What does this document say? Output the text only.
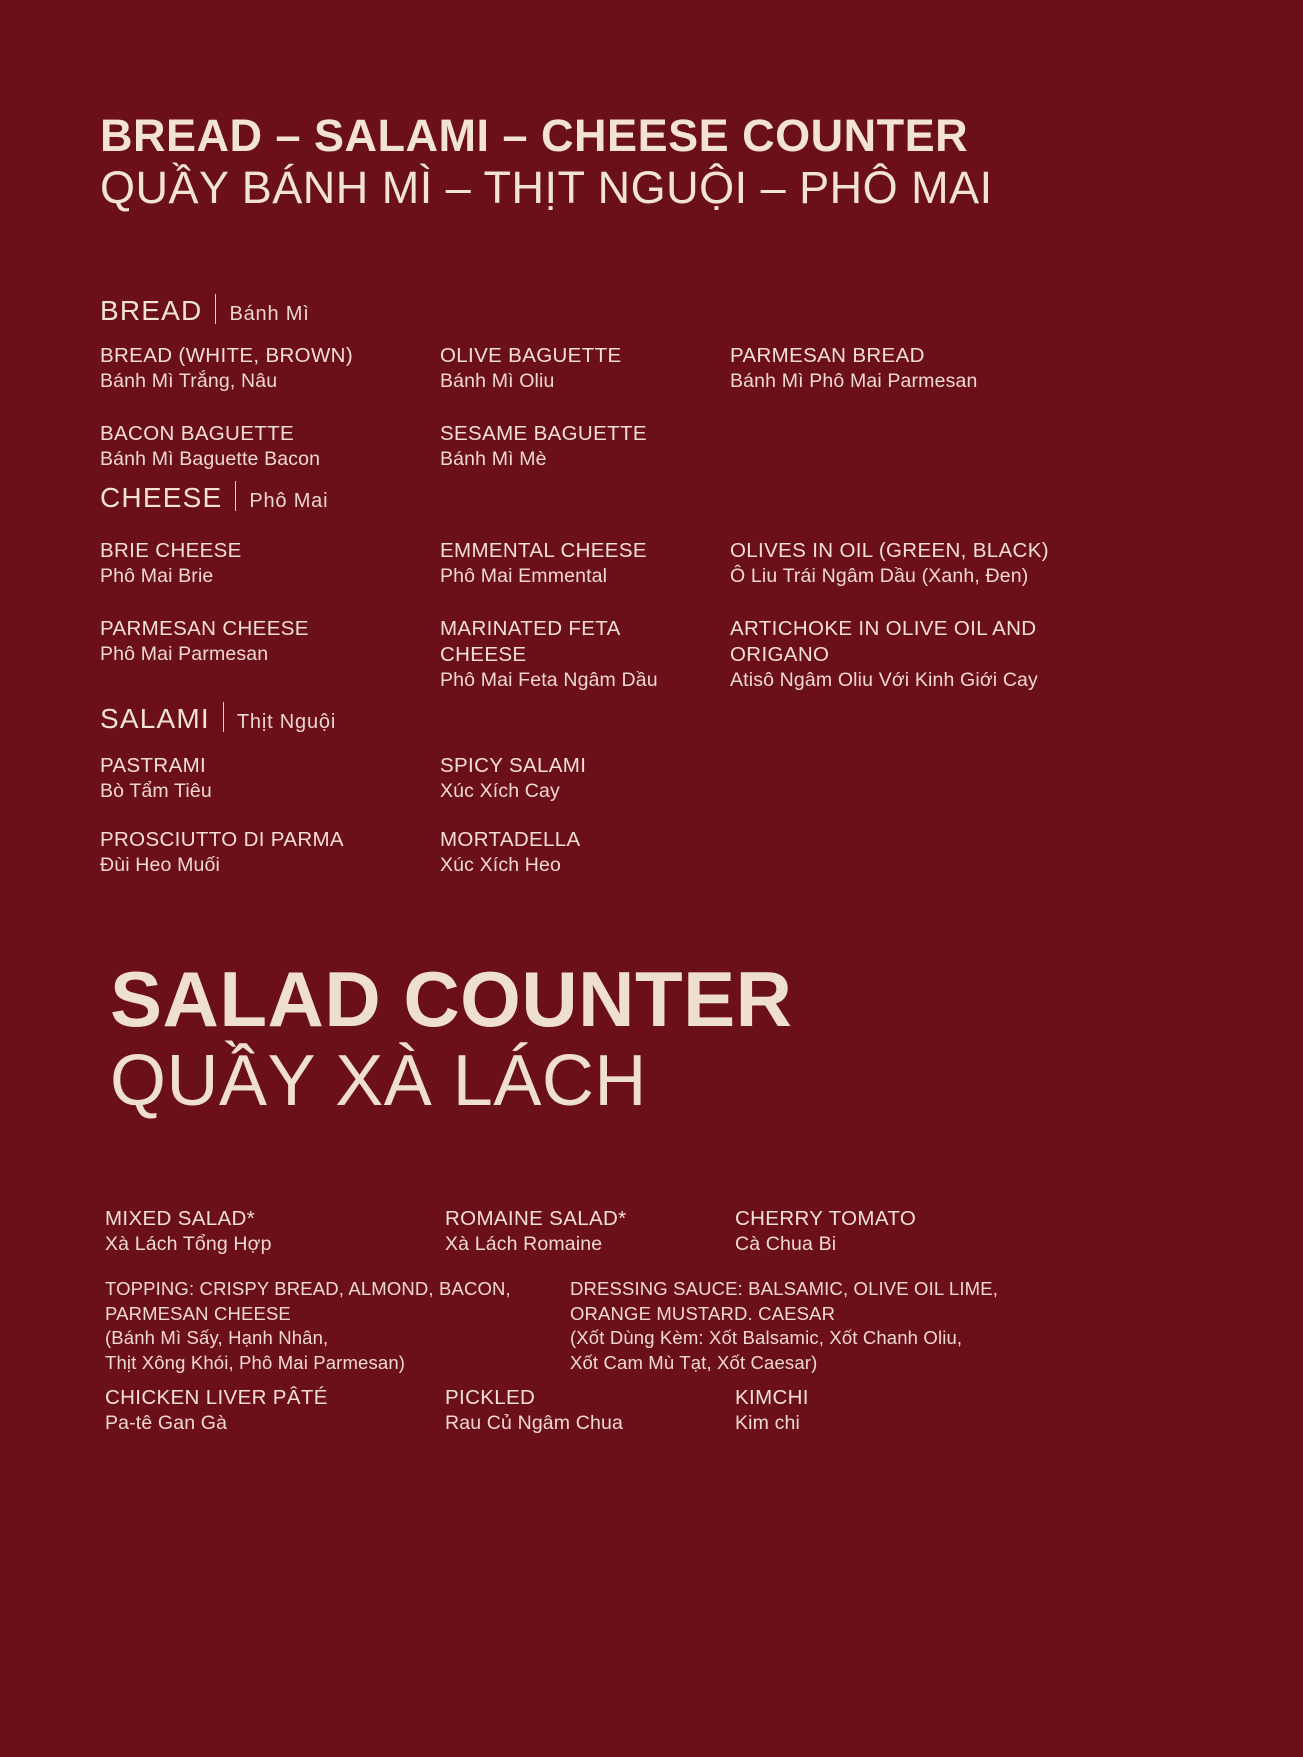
BREAD – SALAMI – CHEESE COUNTER
QUẦY BÁNH MÌ – THỊT NGUỘI – PHÔ MAI
BREAD Bánh Mì
BREAD (WHITE, BROWN)
Bánh Mì Trắng, Nâu
OLIVE BAGUETTE
Bánh Mì Oliu
PARMESAN BREAD
Bánh Mì Phô Mai Parmesan
BACON BAGUETTE
Bánh Mì Baguette Bacon
SESAME BAGUETTE
Bánh Mì Mè
CHEESE Phô Mai
BRIE CHEESE
Phô Mai Brie
EMMENTAL CHEESE
Phô Mai Emmental
OLIVES IN OIL (GREEN, BLACK)
Ô Liu Trái Ngâm Dầu (Xanh, Đen)
PARMESAN CHEESE
Phô Mai Parmesan
MARINATED FETA CHEESE
Phô Mai Feta Ngâm Dầu
ARTICHOKE IN OLIVE OIL AND ORIGANO
Atisô Ngâm Oliu Với Kinh Giới Cay
SALAMI Thịt Nguội
PASTRAMI
Bò Tẩm Tiêu
SPICY SALAMI
Xúc Xích Cay
PROSCIUTTO DI PARMA
Đùi Heo Muối
MORTADELLA
Xúc Xích Heo
SALAD COUNTER
QUẦY XÀ LÁCH
MIXED SALAD*
Xà Lách Tổng Hợp
ROMAINE SALAD*
Xà Lách Romaine
CHERRY TOMATO
Cà Chua Bi
TOPPING: CRISPY BREAD, ALMOND, BACON,
PARMESAN CHEESE
(Bánh Mì Sấy, Hạnh Nhân,
Thịt Xông Khói, Phô Mai Parmesan)
DRESSING SAUCE: BALSAMIC, OLIVE OIL LIME,
ORANGE MUSTARD. CAESAR
(Xốt Dùng Kèm: Xốt Balsamic, Xốt Chanh Oliu,
Xốt Cam Mù Tạt, Xốt Caesar)
CHICKEN LIVER PÂTÉ
Pa-tê Gan Gà
PICKLED
Rau Củ Ngâm Chua
KIMCHI
Kim chi
